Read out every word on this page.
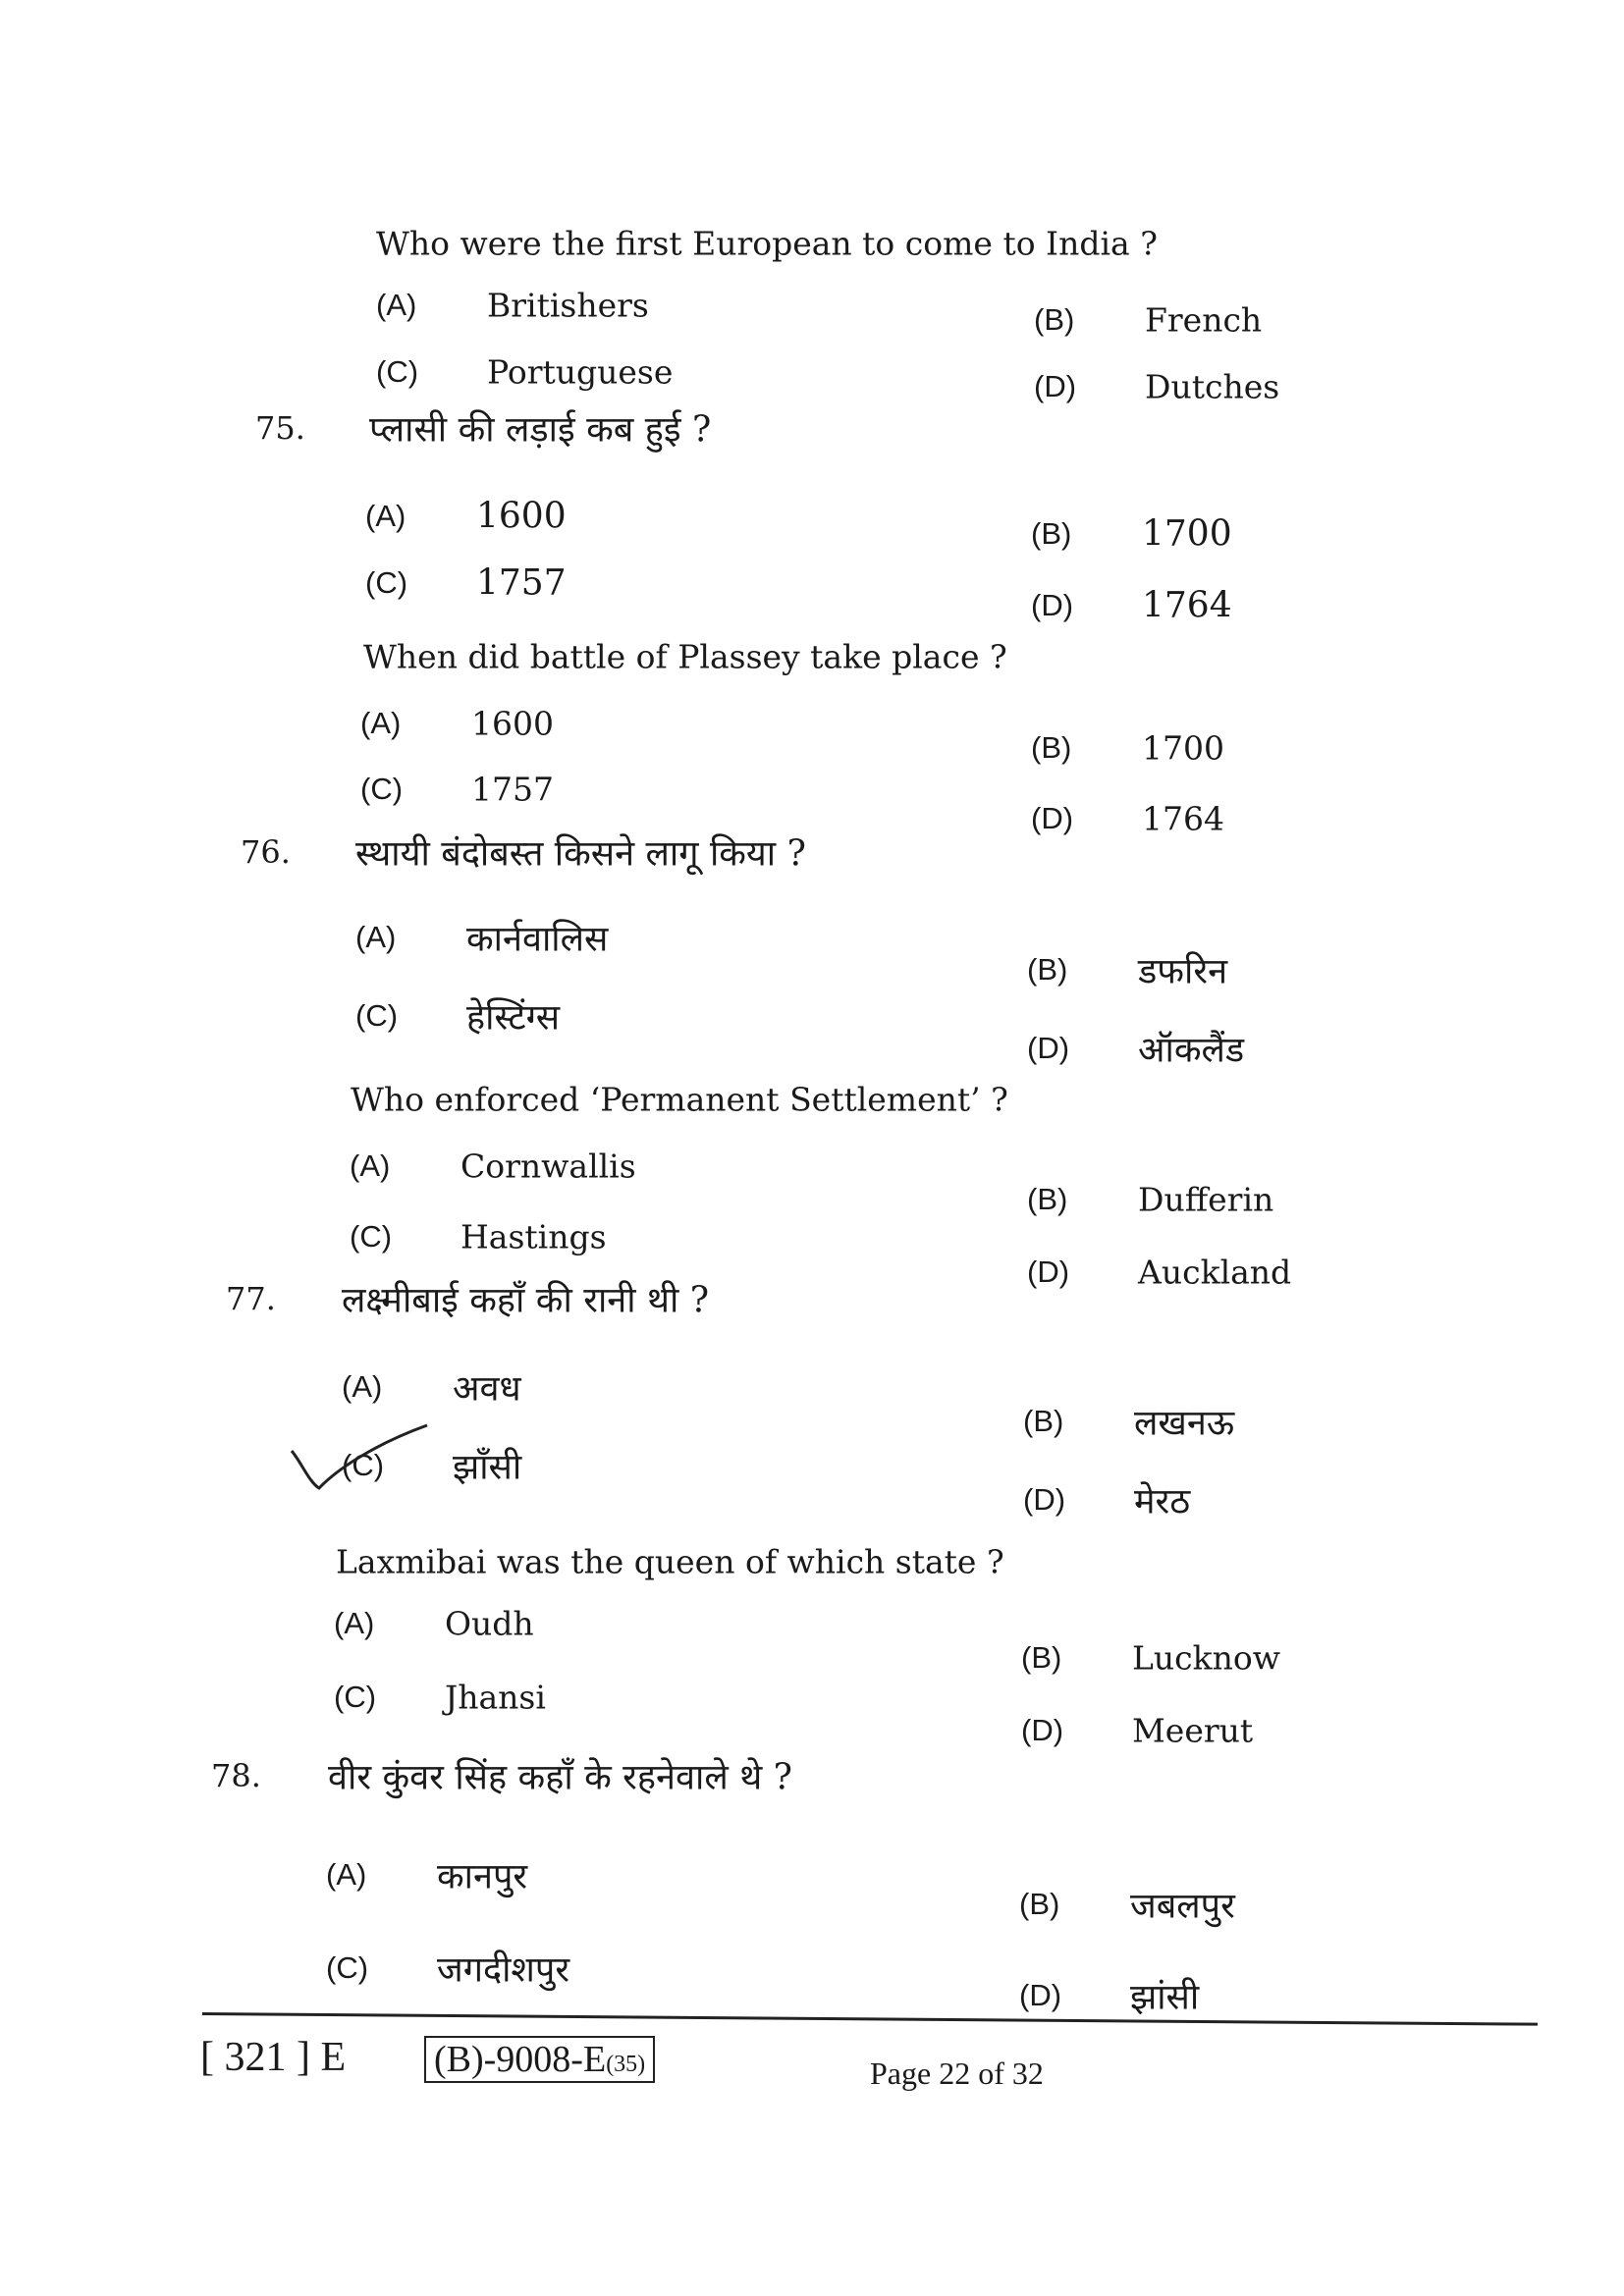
Who were the first European to come to India ?
(A) Britishers	(B) French
(C) Portuguese	(D) Dutches
75. प्लासी की लड़ाई कब हुई ?
(A) 1600	(B) 1700
(C) 1757
(D) 1764
When did battle of Plassey take place ?
(A) 1600
(B) 1700
(C) 1757
(D) 1764
76. स्थायी बंदोबस्त किसने लागू किया ?
(A) कार्नवालिस
(B) डफरिन
(C) हेस्टिंग्स
(D) ऑकलैंड
Who enforced ‘Permanent Settlement’ ?
(A) Cornwallis
(B) Dufferin
(C) Hastings
(D) Auckland
77. लक्ष्मीबाई कहाँ की रानी थी ?
(A) अवध
(B) लखनऊ
(C) झाँसी
(D) मेरठ
Laxmibai was the queen of which state ?
(A) Oudh
(B) Lucknow
(C) Jhansi
(D) Meerut
78. वीर कुंवर सिंह कहाँ के रहनेवाले थे ?
(A) कानपुर
(B) जबलपुर
(C) जगदीशपुर
(D) झांसी
[ 321 ] E (B)-9008-E(35)	Page 22 of 32
